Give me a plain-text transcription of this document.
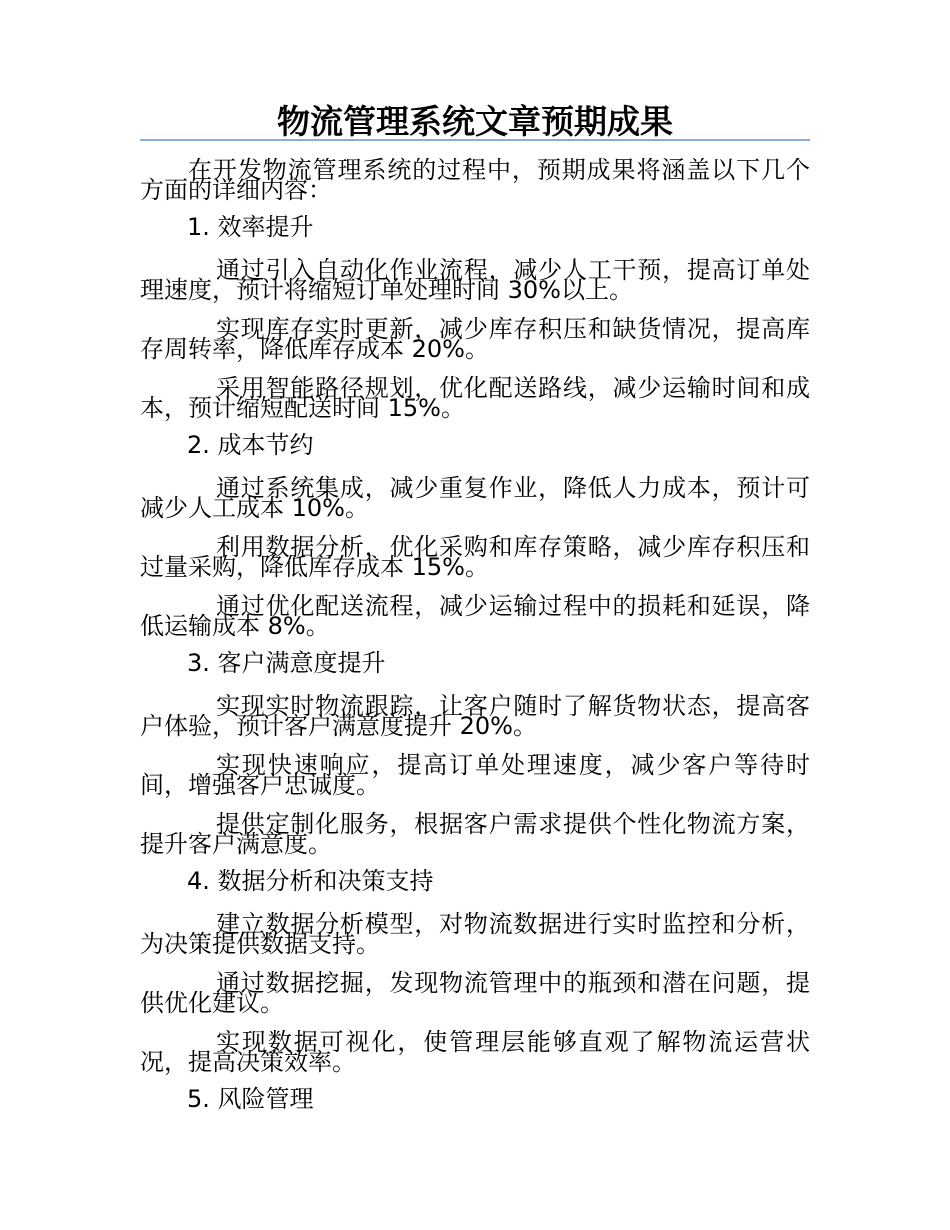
物流管理系统文章预期成果

在开发物流管理系统的过程中，预期成果将涵盖以下几个方面的详细内容：

1. 效率提升

通过引入自动化作业流程，减少人工干预，提高订单处理速度，预计将缩短订单处理时间 30%以上。

实现库存实时更新，减少库存积压和缺货情况，提高库存周转率，降低库存成本 20%。

采用智能路径规划，优化配送路线，减少运输时间和成本，预计缩短配送时间 15%。

2. 成本节约

通过系统集成，减少重复作业，降低人力成本，预计可减少人工成本 10%。

利用数据分析，优化采购和库存策略，减少库存积压和过量采购，降低库存成本 15%。

通过优化配送流程，减少运输过程中的损耗和延误，降低运输成本 8%。

3. 客户满意度提升

实现实时物流跟踪，让客户随时了解货物状态，提高客户体验，预计客户满意度提升 20%。

实现快速响应，提高订单处理速度，减少客户等待时间，增强客户忠诚度。

提供定制化服务，根据客户需求提供个性化物流方案，提升客户满意度。

4. 数据分析和决策支持

建立数据分析模型，对物流数据进行实时监控和分析，为决策提供数据支持。

通过数据挖掘，发现物流管理中的瓶颈和潜在问题，提供优化建议。

实现数据可视化，使管理层能够直观了解物流运营状况，提高决策效率。

5. 风险管理
